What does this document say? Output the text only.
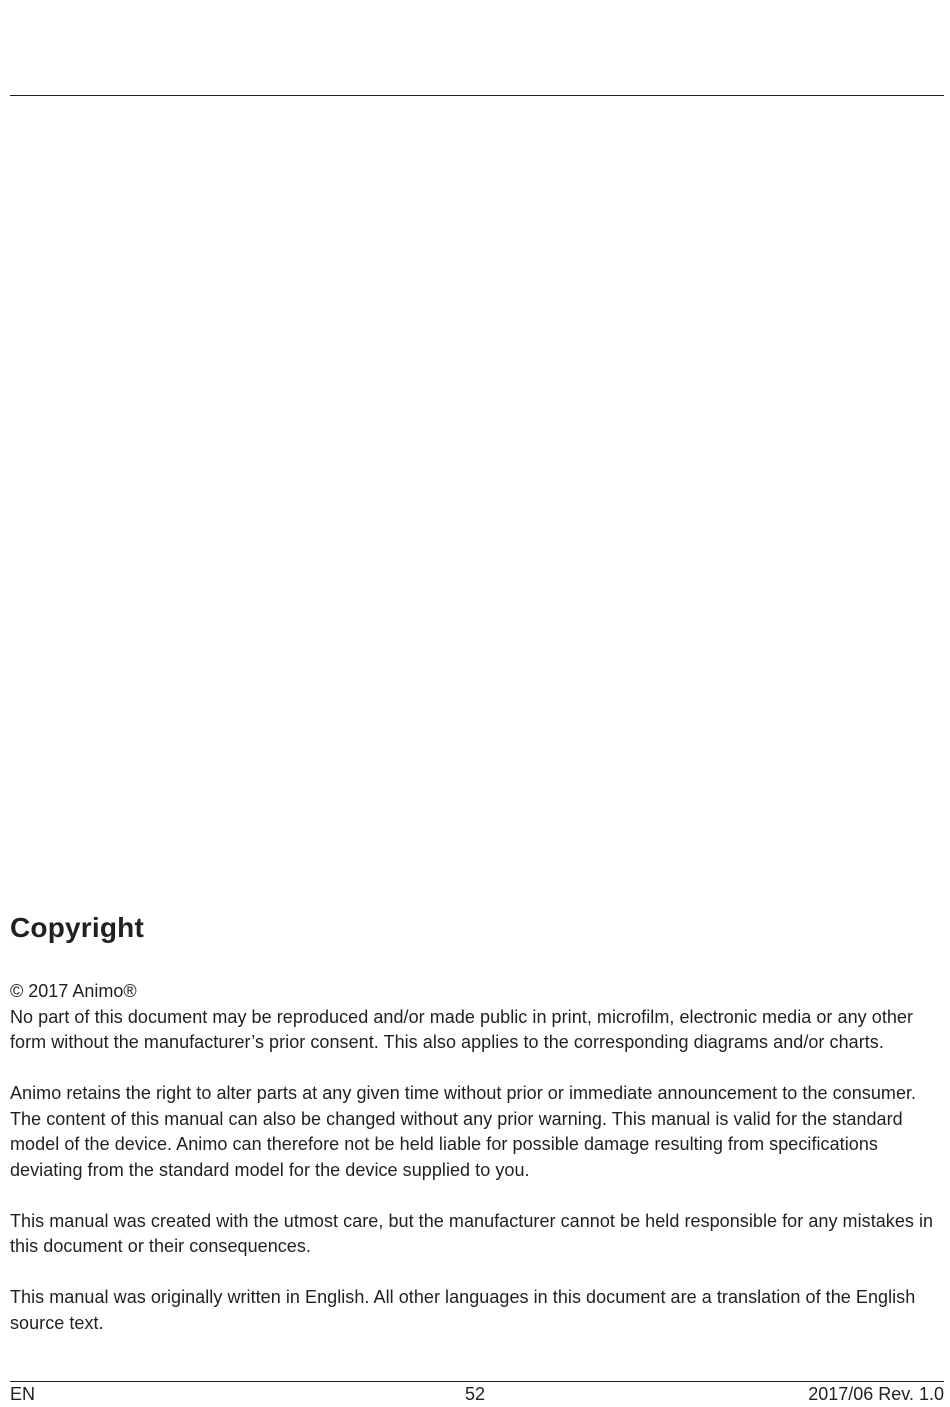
Copyright

© 2017 Animo®

No part of this document may be reproduced and/or made public in print, microfilm, electronic media or any other form without the manufacturer’s prior consent. This also applies to the corresponding diagrams and/or charts.

Animo retains the right to alter parts at any given time without prior or immediate announcement to the consumer. The content of this manual can also be changed without any prior warning. This manual is valid for the standard model of the device. Animo can therefore not be held liable for possible damage resulting from specifications deviating from the standard model for the device supplied to you.

This manual was created with the utmost care, but the manufacturer cannot be held responsible for any mistakes in this document or their consequences.

This manual was originally written in English. All other languages in this document are a translation of the English source text.

EN	52	2017/06 Rev. 1.0
